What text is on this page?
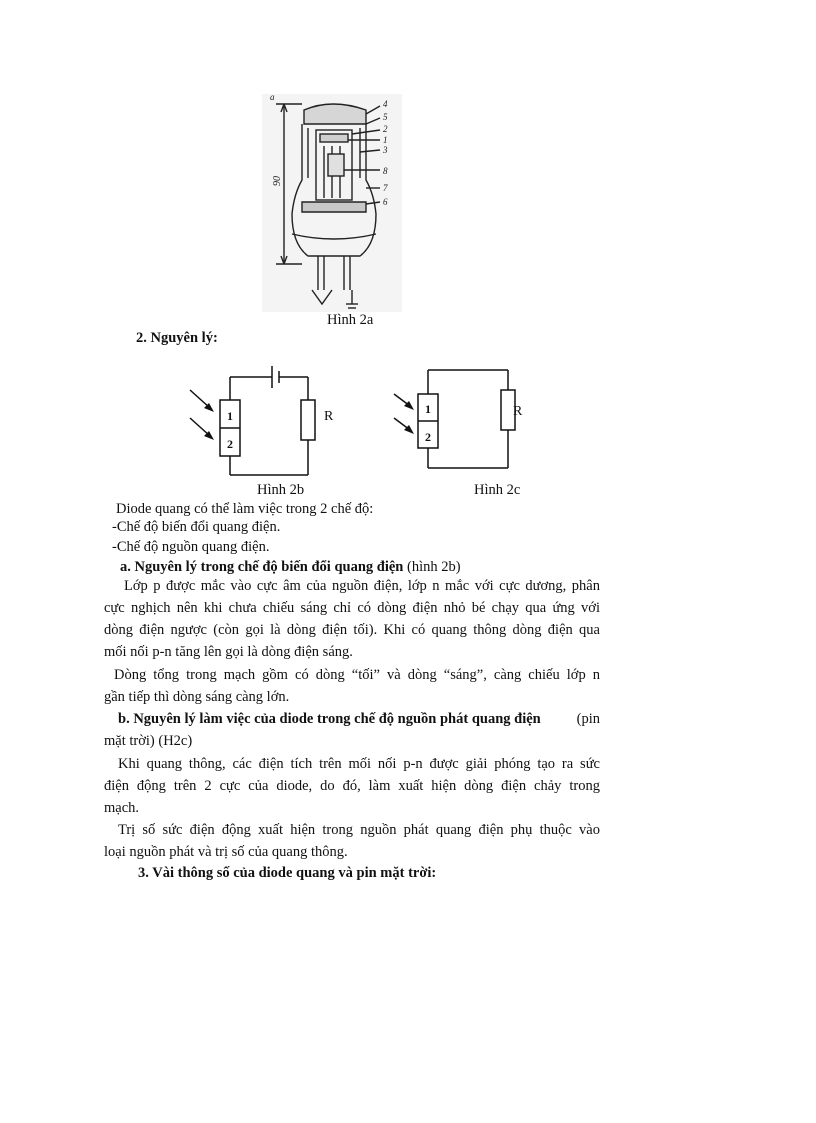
a
90
4
5
2
1
3
8
7
6
Hình 2a
2. Nguyên lý:
1
2
R
Hình 2b
1
2
R
Hình 2c
Diode quang có thể làm việc trong 2 chế độ:
-Chế độ biến đổi quang điện.
-Chế độ nguồn quang điện.
a. Nguyên lý trong chế độ biến đổi quang điện (hình 2b)
Lớp p được mắc vào cực âm của nguồn điện, lớp n mắc với cực dương, phân
cực nghịch nên khi chưa chiếu sáng chỉ có dòng điện nhỏ bé chạy qua ứng với
dòng điện ngược (còn gọi là dòng điện tối). Khi có quang thông dòng điện qua
mối nối p-n tăng lên gọi là dòng điện sáng.
Dòng tổng trong mạch gồm có dòng “tối” và dòng “sáng”, càng chiếu lớp n
gần tiếp thì dòng sáng càng lớn.
b. Nguyên lý làm việc của diode trong chế độ nguồn phát quang điện (pin
mặt trời) (H2c)
Khi quang thông, các điện tích trên mối nối p-n được giải phóng tạo ra sức
điện động trên 2 cực của diode, do đó, làm xuất hiện dòng điện chảy trong
mạch.
Trị số sức điện động xuất hiện trong nguồn phát quang điện phụ thuộc vào
loại nguồn phát và trị số của quang thông.
3. Vài thông số của diode quang và pin mặt trời:
